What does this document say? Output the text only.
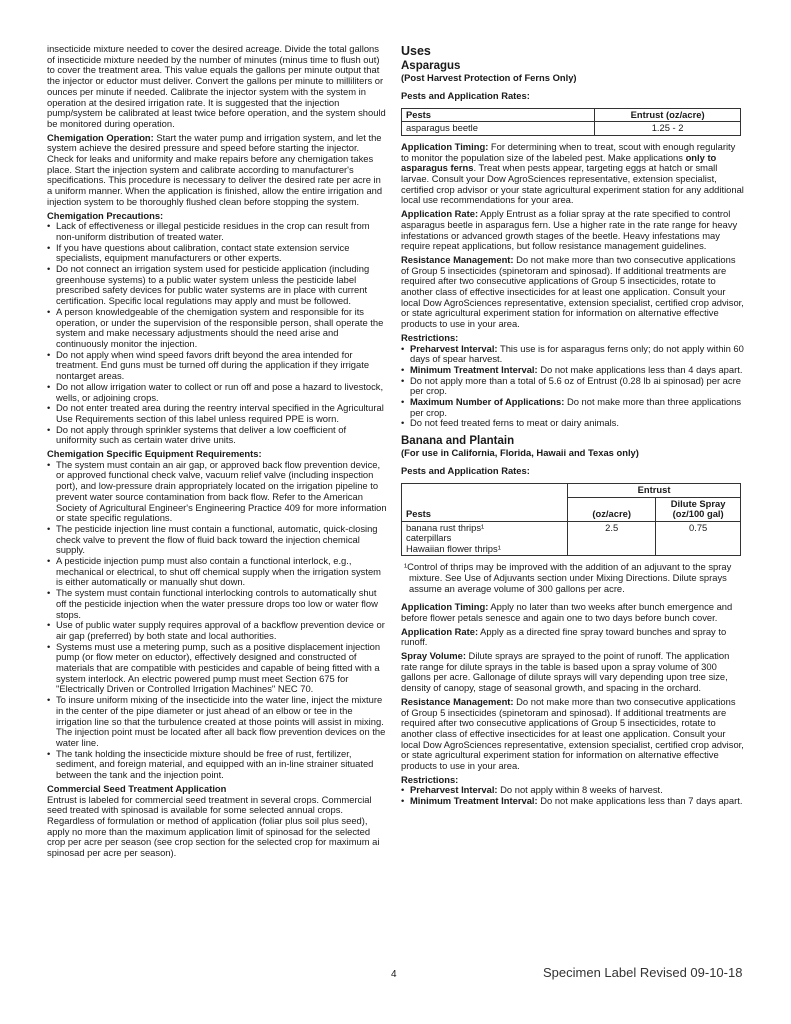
insecticide mixture needed to cover the desired acreage. Divide the total gallons of insecticide mixture needed by the number of minutes (minus time to flush out) to cover the treatment area. This value equals the gallons per minute output that the injector or eductor must deliver. Convert the gallons per minute to milliliters or ounces per minute if needed. Calibrate the injector system with the system in operation at the desired irrigation rate. It is suggested that the injection pump/system be calibrated at least twice before operation, and the system should be monitored during operation.

Chemigation Operation: Start the water pump and irrigation system, and let the system achieve the desired pressure and speed before starting the injector. Check for leaks and uniformity and make repairs before any chemigation takes place. Start the injection system and calibrate according to manufacturer's specifications. This procedure is necessary to deliver the desired rate per acre in a uniform manner. When the application is finished, allow the entire irrigation and injection system to be thoroughly flushed clean before stopping the system.

Chemigation Precautions:
• Lack of effectiveness or illegal pesticide residues in the crop can result from non-uniform distribution of treated water.
• If you have questions about calibration, contact state extension service specialists, equipment manufacturers or other experts.
• Do not connect an irrigation system used for pesticide application (including greenhouse systems) to a public water system unless the pesticide label prescribed safety devices for public water systems are in place with current certification. Specific local regulations may apply and must be followed.
• A person knowledgeable of the chemigation system and responsible for its operation, or under the supervision of the responsible person, shall operate the system and make necessary adjustments should the need arise and continuously monitor the injection.
• Do not apply when wind speed favors drift beyond the area intended for treatment. End guns must be turned off during the application if they irrigate nontarget areas.
• Do not allow irrigation water to collect or run off and pose a hazard to livestock, wells, or adjoining crops.
• Do not enter treated area during the reentry interval specified in the Agricultural Use Requirements section of this label unless required PPE is worn.
• Do not apply through sprinkler systems that deliver a low coefficient of uniformity such as certain water drive units.
Chemigation Specific Equipment Requirements:
• The system must contain an air gap, or approved back flow prevention device, or approved functional check valve, vacuum relief valve (including inspection port), and low-pressure drain appropriately located on the irrigation pipeline to prevent water source contamination from back flow. Refer to the American Society of Agricultural Engineer's Engineering Practice 409 for more information or state specific regulations.
• The pesticide injection line must contain a functional, automatic, quick-closing check valve to prevent the flow of fluid back toward the injection chemical supply.
• A pesticide injection pump must also contain a functional interlock, e.g., mechanical or electrical, to shut off chemical supply when the irrigation system is either automatically or manually shut down.
• The system must contain functional interlocking controls to automatically shut off the pesticide injection when the water pressure drops too low or water flow stops.
• Use of public water supply requires approval of a backflow prevention device or air gap (preferred) by both state and local authorities.
• Systems must use a metering pump, such as a positive displacement injection pump (or flow meter on eductor), effectively designed and constructed of materials that are compatible with pesticides and capable of being fitted with a system interlock. An electric powered pump must meet Section 675 for "Electrically Driven or Controlled Irrigation Machines" NEC 70.
• To insure uniform mixing of the insecticide into the water line, inject the mixture in the center of the pipe diameter or just ahead of an elbow or tee in the irrigation line so that the turbulence created at those points will assist in mixing. The injection point must be located after all back flow prevention devices on the water line.
• The tank holding the insecticide mixture should be free of rust, fertilizer, sediment, and foreign material, and equipped with an in-line strainer situated between the tank and the injection point.
Commercial Seed Treatment Application

Entrust is labeled for commercial seed treatment in several crops. Commercial seed treated with spinosad is available for some selected annual crops. Regardless of formulation or method of application (foliar plus soil plus seed), apply no more than the maximum application limit of spinosad for the selected crop per acre per season (see crop section for the selected crop for maximum ai spinosad per acre per season).

Uses
Asparagus
(Post Harvest Protection of Ferns Only)
Pests and Application Rates:
Pests	Entrust (oz/acre)
asparagus beetle	1.25 - 2

Application Timing: For determining when to treat, scout with enough regularity to monitor the population size of the labeled pest. Make applications only to asparagus ferns. Treat when pests appear, targeting eggs at hatch or small larvae. Consult your Dow AgroSciences representative, extension specialist, certified crop advisor or your state agricultural experiment station for any additional local use recommendations for your area.

Application Rate: Apply Entrust as a foliar spray at the rate specified to control asparagus beetle in asparagus fern. Use a higher rate in the rate range for heavy infestations or advanced growth stages of the beetle. Heavy infestations may require repeat applications, but follow resistance management guidelines.

Resistance Management: Do not make more than two consecutive applications of Group 5 insecticides (spinetoram and spinosad). If additional treatments are required after two consecutive applications of Group 5 insecticides, rotate to another class of effective insecticides for at least one application. Consult your local Dow AgroSciences representative, extension specialist, certified crop advisor, or state agricultural experiment station for information on alternative effective products to use in your area.

Restrictions:
• Preharvest Interval: This use is for asparagus ferns only; do not apply within 60 days of spear harvest.
• Minimum Treatment Interval: Do not make applications less than 4 days apart.
• Do not apply more than a total of 5.6 oz of Entrust (0.28 lb ai spinosad) per acre per crop.
• Maximum Number of Applications: Do not make more than three applications per crop.
• Do not feed treated ferns to meat or dairy animals.
Banana and Plantain
(For use in California, Florida, Hawaii and Texas only)
Pests and Application Rates:
	Entrust	
Pests	(oz/acre)	Dilute Spray (oz/100 gal)

banana rust thrips¹
caterpillars
Hawaiian flower thrips¹	2.5	0.75

¹Control of thrips may be improved with the addition of an adjuvant to the spray mixture. See Use of Adjuvants section under Mixing Directions. Dilute sprays assume an average volume of 300 gallons per acre.

Application Timing: Apply no later than two weeks after bunch emergence and before flower petals senesce and again one to two days before bunch cover.

Application Rate: Apply as a directed fine spray toward bunches and spray to runoff.

Spray Volume: Dilute sprays are sprayed to the point of runoff. The application rate range for dilute sprays in the table is based upon a spray volume of 300 gallons per acre. Gallonage of dilute sprays will vary depending upon tree size, density of canopy, stage of seasonal growth, and spacing in the orchard.

Resistance Management: Do not make more than two consecutive applications of Group 5 insecticides (spinetoram and spinosad). If additional treatments are required after two consecutive applications of Group 5 insecticides, rotate to another class of effective insecticides for at least one application. Consult your local Dow AgroSciences representative, extension specialist, certified crop advisor, or state agricultural experiment station for information on alternative effective products to use in your area.

Restrictions:
• Preharvest Interval: Do not apply within 8 weeks of harvest.
• Minimum Treatment Interval: Do not make applications less than 7 days apart.
4	Specimen Label Revised 09-10-18
